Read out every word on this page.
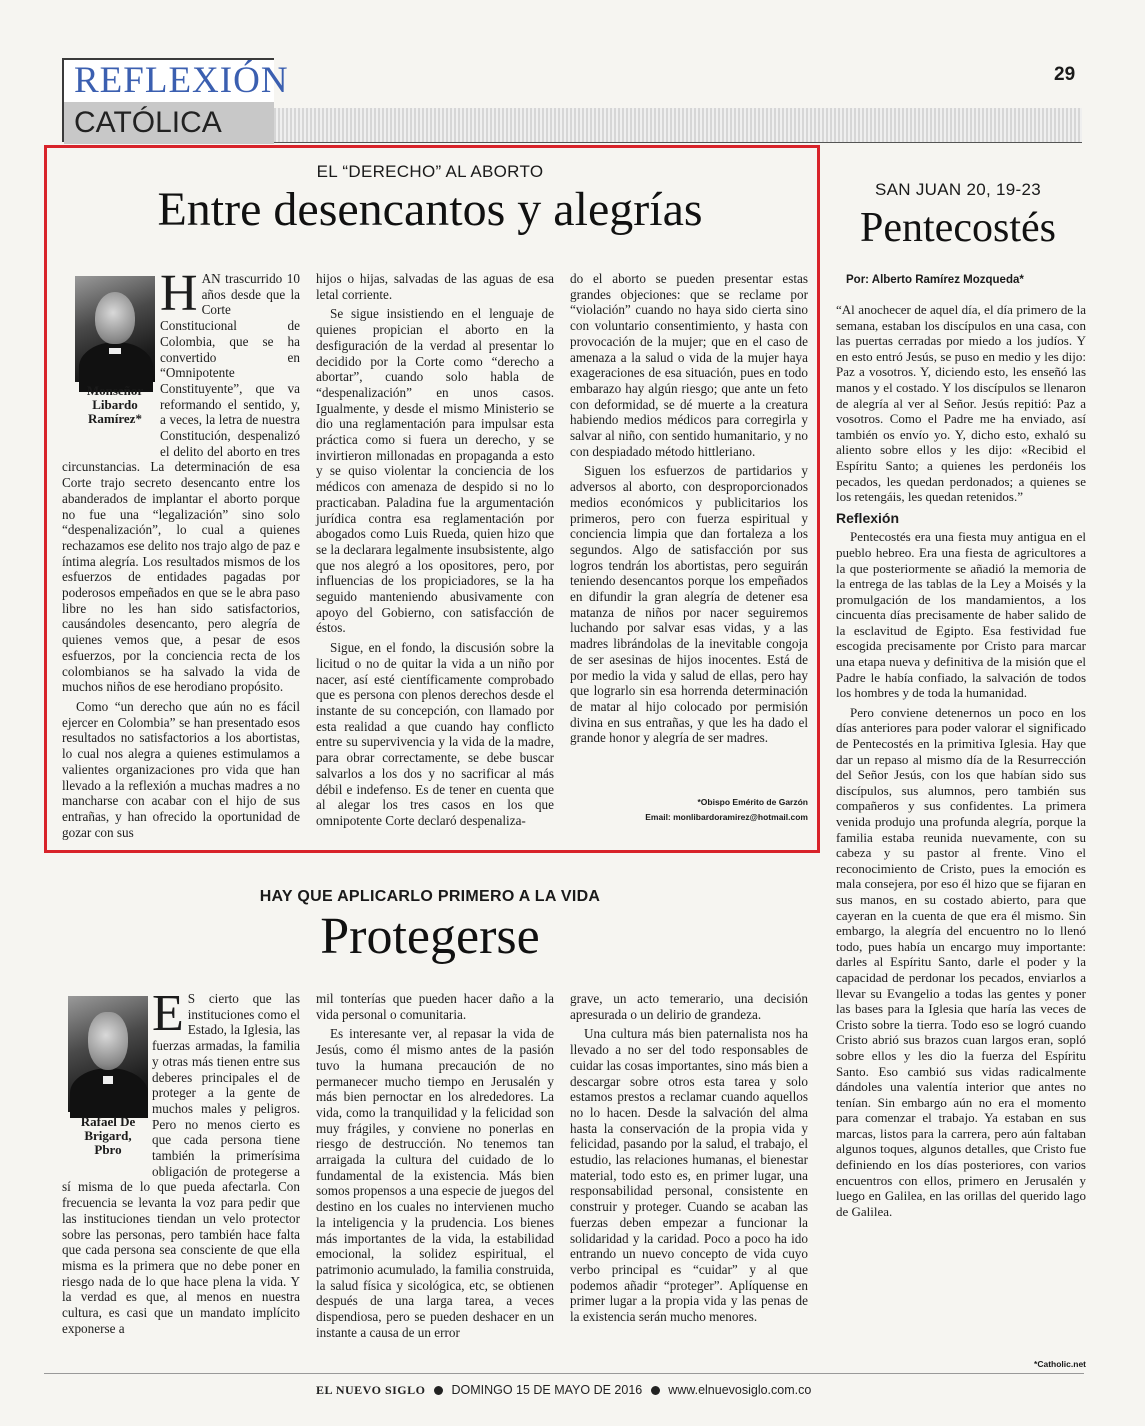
REFLEXIÓN
CATÓLICA
29
EL “DERECHO” AL ABORTO
Entre desencantos y alegrías
Monseñor
Libardo
Ramírez*

HAN trascurrido 10 años desde que la Corte Constitucional de Colombia, que se ha convertido en “Omnipotente Constituyente”, que va reformando el sentido, y, a veces, la letra de nuestra Constitución, despenalizó el delito del aborto en tres circunstancias. La determinación de esa Corte trajo secreto desencanto entre los abanderados de implantar el aborto porque no fue una “legalización” sino solo “despenalización”, lo cual a quienes rechazamos ese delito nos trajo algo de paz e íntima alegría. Los resultados mismos de los esfuerzos de entidades pagadas por poderosos empeñados en que se le abra paso libre no les han sido satisfactorios, causándoles desencanto, pero alegría de quienes vemos que, a pesar de esos esfuerzos, por la conciencia recta de los colombianos se ha salvado la vida de muchos niños de ese herodiano propósito.

Como “un derecho que aún no es fácil ejercer en Colombia” se han presentado esos resultados no satisfactorios a los abortistas, lo cual nos alegra a quienes estimulamos a valientes organizaciones pro vida que han llevado a la reflexión a muchas madres a no mancharse con acabar con el hijo de sus entrañas, y han ofrecido la oportunidad de gozar con sus

hijos o hijas, salvadas de las aguas de esa letal corriente.

Se sigue insistiendo en el lenguaje de quienes propician el aborto en la desfiguración de la verdad al presentar lo decidido por la Corte como “derecho a abortar”, cuando solo habla de “despenalización” en unos casos. Igualmente, y desde el mismo Ministerio se dio una reglamentación para impulsar esta práctica como si fuera un derecho, y se invirtieron millonadas en propaganda a esto y se quiso violentar la conciencia de los médicos con amenaza de despido si no lo practicaban. Paladina fue la argumentación jurídica contra esa reglamentación por abogados como Luis Rueda, quien hizo que se la declarara legalmente insubsistente, algo que nos alegró a los opositores, pero, por influencias de los propiciadores, se la ha seguido manteniendo abusivamente con apoyo del Gobierno, con satisfacción de éstos.

Sigue, en el fondo, la discusión sobre la licitud o no de quitar la vida a un niño por nacer, así esté científicamente comprobado que es persona con plenos derechos desde el instante de su concepción, con llamado por esta realidad a que cuando hay conflicto entre su supervivencia y la vida de la madre, para obrar correctamente, se debe buscar salvarlos a los dos y no sacrificar al más débil e indefenso. Es de tener en cuenta que al alegar los tres casos en los que omnipotente Corte declaró despenaliza-

do el aborto se pueden presentar estas grandes objeciones: que se reclame por “violación” cuando no haya sido cierta sino con voluntario consentimiento, y hasta con provocación de la mujer; que en el caso de amenaza a la salud o vida de la mujer haya exageraciones de esa situación, pues en todo embarazo hay algún riesgo; que ante un feto con deformidad, se dé muerte a la creatura habiendo medios médicos para corregirla y salvar al niño, con sentido humanitario, y no con despiadado método hittleriano.

Siguen los esfuerzos de partidarios y adversos al aborto, con desproporcionados medios económicos y publicitarios los primeros, pero con fuerza espiritual y conciencia limpia que dan fortaleza a los segundos. Algo de satisfacción por sus logros tendrán los abortistas, pero seguirán teniendo desencantos porque los empeñados en difundir la gran alegría de detener esa matanza de niños por nacer seguiremos luchando por salvar esas vidas, y a las madres librándolas de la inevitable congoja de ser asesinas de hijos inocentes. Está de por medio la vida y salud de ellas, pero hay que lograrlo sin esa horrenda determinación de matar al hijo colocado por permisión divina en sus entrañas, y que les ha dado el grande honor y alegría de ser madres.

*Obispo Emérito de Garzón
Email: monlibardoramirez@hotmail.com
HAY QUE APLICARLO PRIMERO A LA VIDA
Protegerse
Rafael De
Brigard,
Pbro

E S cierto que las instituciones como el Estado, la Iglesia, las fuerzas armadas, la familia y otras más tienen entre sus deberes principales el de proteger a la gente de muchos males y peligros. Pero no menos cierto es que cada persona tiene también la primerísima obligación de protegerse a sí misma de lo que pueda afectarla. Con frecuencia se levanta la voz para pedir que las instituciones tiendan un velo protector sobre las personas, pero también hace falta que cada persona sea consciente de que ella misma es la primera que no debe poner en riesgo nada de lo que hace plena la vida. Y la verdad es que, al menos en nuestra cultura, es casi que un mandato implícito exponerse a

mil tonterías que pueden hacer daño a la vida personal o comunitaria.

Es interesante ver, al repasar la vida de Jesús, como él mismo antes de la pasión tuvo la humana precaución de no permanecer mucho tiempo en Jerusalén y más bien pernoctar en los alrededores. La vida, como la tranquilidad y la felicidad son muy frágiles, y conviene no ponerlas en riesgo de destrucción. No tenemos tan arraigada la cultura del cuidado de lo fundamental de la existencia. Más bien somos propensos a una especie de juegos del destino en los cuales no intervienen mucho la inteligencia y la prudencia. Los bienes más importantes de la vida, la estabilidad emocional, la solidez espiritual, el patrimonio acumulado, la familia construida, la salud física y sicológica, etc, se obtienen después de una larga tarea, a veces dispendiosa, pero se pueden deshacer en un instante a causa de un error

grave, un acto temerario, una decisión apresurada o un delirio de grandeza.

Una cultura más bien paternalista nos ha llevado a no ser del todo responsables de cuidar las cosas importantes, sino más bien a descargar sobre otros esta tarea y solo estamos prestos a reclamar cuando aquellos no lo hacen. Desde la salvación del alma hasta la conservación de la propia vida y felicidad, pasando por la salud, el trabajo, el estudio, las relaciones humanas, el bienestar material, todo esto es, en primer lugar, una responsabilidad personal, consistente en construir y proteger. Cuando se acaban las fuerzas deben empezar a funcionar la solidaridad y la caridad. Poco a poco ha ido entrando un nuevo concepto de vida cuyo verbo principal es “cuidar” y al que podemos añadir “proteger”. Aplíquense en primer lugar a la propia vida y las penas de la existencia serán mucho menores.

SAN JUAN 20, 19-23
Pentecostés
Por: Alberto Ramírez Mozqueda*

“Al anochecer de aquel día, el día primero de la semana, estaban los discípulos en una casa, con las puertas cerradas por miedo a los judíos. Y en esto entró Jesús, se puso en medio y les dijo: Paz a vosotros. Y, diciendo esto, les enseñó las manos y el costado. Y los discípulos se llenaron de alegría al ver al Señor. Jesús repitió: Paz a vosotros. Como el Padre me ha enviado, así también os envío yo. Y, dicho esto, exhaló su aliento sobre ellos y les dijo: «Recibid el Espíritu Santo; a quienes les perdonéis los pecados, les quedan perdonados; a quienes se los retengáis, les quedan retenidos.”

Reflexión

Pentecostés era una fiesta muy antigua en el pueblo hebreo. Era una fiesta de agricultores a la que posteriormente se añadió la memoria de la entrega de las tablas de la Ley a Moisés y la promulgación de los mandamientos, a los cincuenta días precisamente de haber salido de la esclavitud de Egipto. Esa festividad fue escogida precisamente por Cristo para marcar una etapa nueva y definitiva de la misión que el Padre le había confiado, la salvación de todos los hombres y de toda la humanidad.

Pero conviene detenernos un poco en los días anteriores para poder valorar el significado de Pentecostés en la primitiva Iglesia. Hay que dar un repaso al mismo día de la Resurrección del Señor Jesús, con los que habían sido sus discípulos, sus alumnos, pero también sus compañeros y sus confidentes. La primera venida produjo una profunda alegría, porque la familia estaba reunida nuevamente, con su cabeza y su pastor al frente. Vino el reconocimiento de Cristo, pues la emoción es mala consejera, por eso él hizo que se fijaran en sus manos, en su costado abierto, para que cayeran en la cuenta de que era él mismo. Sin embargo, la alegría del encuentro no lo llenó todo, pues había un encargo muy importante: darles al Espíritu Santo, darle el poder y la capacidad de perdonar los pecados, enviarlos a llevar su Evangelio a todas las gentes y poner las bases para la Iglesia que haría las veces de Cristo sobre la tierra. Todo eso se logró cuando Cristo abrió sus brazos cuan largos eran, sopló sobre ellos y les dio la fuerza del Espíritu Santo. Eso cambió sus vidas radicalmente dándoles una valentía interior que antes no tenían. Sin embargo aún no era el momento para comenzar el trabajo. Ya estaban en sus marcas, listos para la carrera, pero aún faltaban algunos toques, algunos detalles, que Cristo fue definiendo en los días posteriores, con varios encuentros con ellos, primero en Jerusalén y luego en Galilea, en las orillas del querido lago de Galilea.

*Catholic.net
EL NUEVO SIGLO DOMINGO 15 DE MAYO DE 2016 www.elnuevosiglo.com.co
